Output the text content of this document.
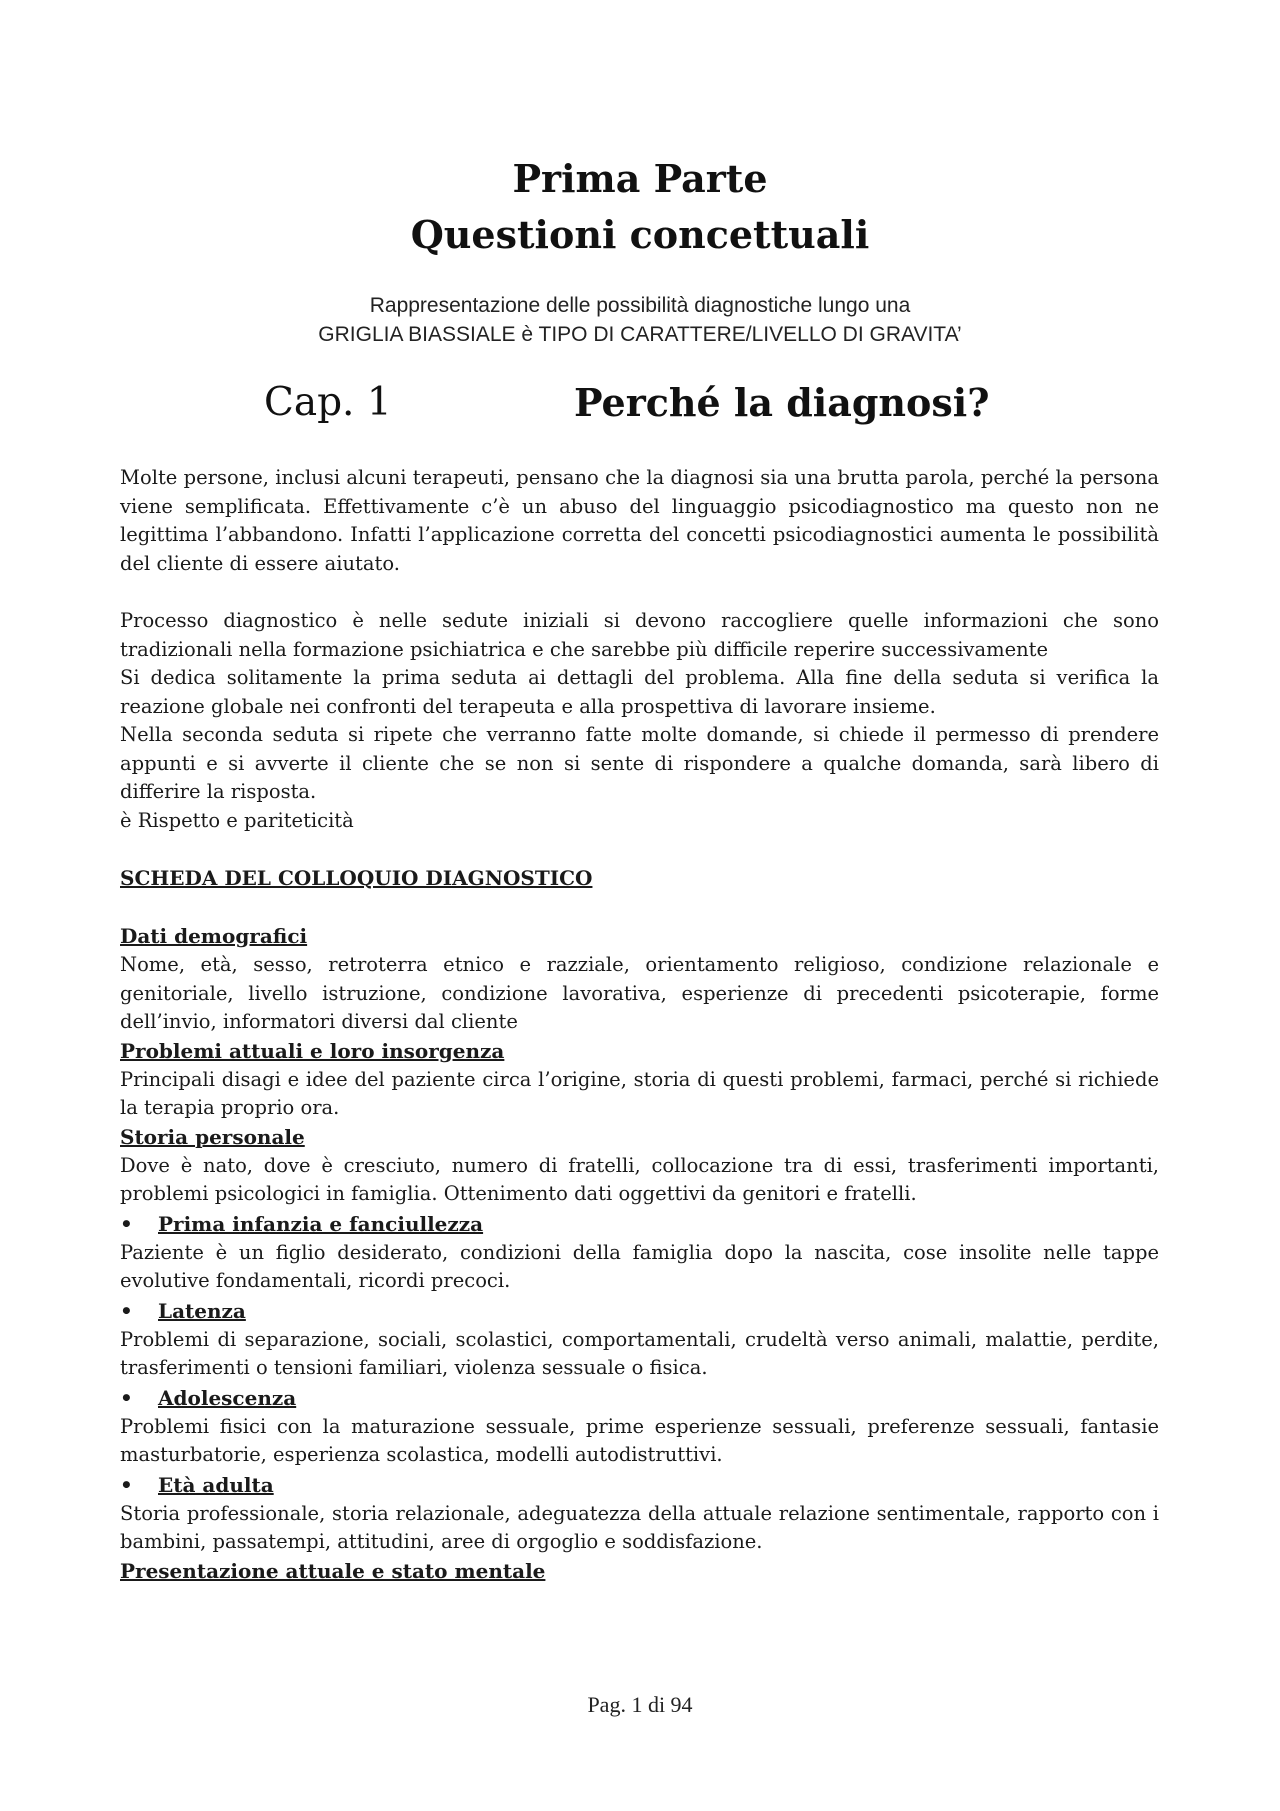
Prima Parte
Questioni concettuali
Rappresentazione delle possibilità diagnostiche lungo una
GRIGLIA BIASSIALE è TIPO DI CARATTERE/LIVELLO DI GRAVITA’
Cap. 1	Perché la diagnosi?

Molte persone, inclusi alcuni terapeuti, pensano che la diagnosi sia una brutta parola, perché la persona viene semplificata. Effettivamente c’è un abuso del linguaggio psicodiagnostico ma questo non ne legittima l’abbandono. Infatti l’applicazione corretta del concetti psicodiagnostici aumenta le possibilità del cliente di essere aiutato.

Processo diagnostico è nelle sedute iniziali si devono raccogliere quelle informazioni che sono tradizionali nella formazione psichiatrica e che sarebbe più difficile reperire successivamente

Si dedica solitamente la prima seduta ai dettagli del problema. Alla fine della seduta si verifica la reazione globale nei confronti del terapeuta e alla prospettiva di lavorare insieme.

Nella seconda seduta si ripete che verranno fatte molte domande, si chiede il permesso di prendere appunti e si avverte il cliente che se non si sente di rispondere a qualche domanda, sarà libero di differire la risposta.

è Rispetto e pariteticità

SCHEDA DEL COLLOQUIO DIAGNOSTICO

Dati demografici

Nome, età, sesso, retroterra etnico e razziale, orientamento religioso, condizione relazionale e genitoriale, livello istruzione, condizione lavorativa, esperienze di precedenti psicoterapie, forme dell’invio, informatori diversi dal cliente

Problemi attuali e loro insorgenza

Principali disagi e idee del paziente circa l’origine, storia di questi problemi, farmaci, perché si richiede la terapia proprio ora.

Storia personale

Dove è nato, dove è cresciuto, numero di fratelli, collocazione tra di essi, trasferimenti importanti, problemi psicologici in famiglia. Ottenimento dati oggettivi da genitori e fratelli.

•	Prima infanzia e fanciullezza

Paziente è un figlio desiderato, condizioni della famiglia dopo la nascita, cose insolite nelle tappe evolutive fondamentali, ricordi precoci.

•	Latenza

Problemi di separazione, sociali, scolastici, comportamentali, crudeltà verso animali, malattie, perdite, trasferimenti o tensioni familiari, violenza sessuale o fisica.

•	Adolescenza

Problemi fisici con la maturazione sessuale, prime esperienze sessuali, preferenze sessuali, fantasie masturbatorie, esperienza scolastica, modelli autodistruttivi.

•	Età adulta

Storia professionale, storia relazionale, adeguatezza della attuale relazione sentimentale, rapporto con i bambini, passatempi, attitudini, aree di orgoglio e soddisfazione.

Presentazione attuale e stato mentale

Pag. 1 di 94
